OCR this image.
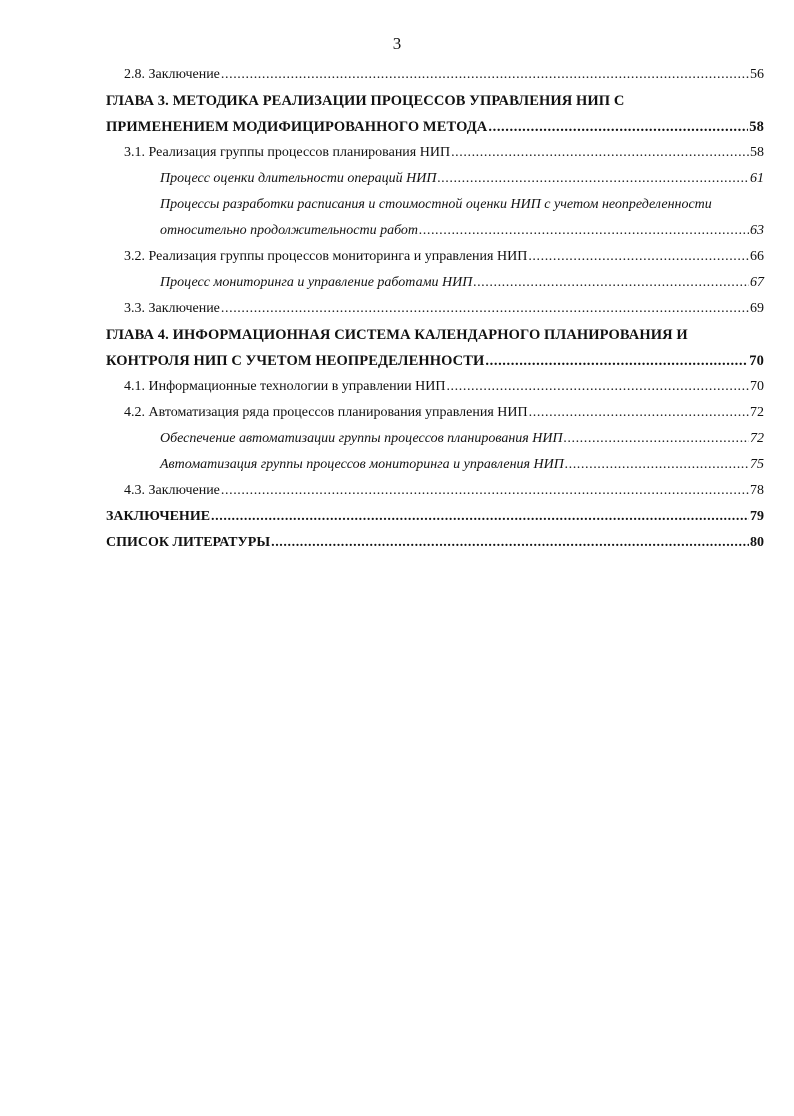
3
2.8. Заключение .....	56
ГЛАВА 3. МЕТОДИКА РЕАЛИЗАЦИИ ПРОЦЕССОВ УПРАВЛЕНИЯ НИП С
ПРИМЕНЕНИЕМ МОДИФИЦИРОВАННОГО МЕТОДА .....	58
3.1. Реализация группы процессов планирования НИП .....	58
Процесс оценки длительности операций НИП .....	61
Процессы разработки расписания и стоимостной оценки НИП с учетом неопределенности
относительно продолжительности работ .....	63
3.2. Реализация группы процессов мониторинга и управления НИП .....	66
Процесс мониторинга и управление работами НИП .....	67
3.3. Заключение .....	69
ГЛАВА 4. ИНФОРМАЦИОННАЯ СИСТЕМА КАЛЕНДАРНОГО ПЛАНИРОВАНИЯ И
КОНТРОЛЯ НИП С УЧЕТОМ НЕОПРЕДЕЛЕННОСТИ .....	70
4.1. Информационные технологии в управлении НИП .....	70
4.2. Автоматизация ряда процессов планирования управления НИП .....	72
Обеспечение автоматизации группы процессов планирования НИП .....	72
Автоматизация группы процессов мониторинга и управления НИП .....	75
4.3. Заключение .....	78
ЗАКЛЮЧЕНИЕ .....	79
СПИСОК ЛИТЕРАТУРЫ .....	80
